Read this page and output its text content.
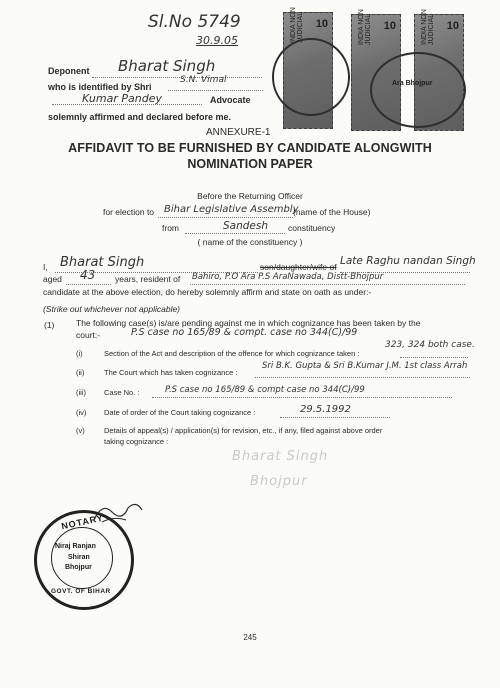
Sl.No 5749
30.9.05
Deponent Bharat Singh
who is identified by Shri
S.N. Vimal
Kumar Pandey	Advocate
solemnly affirmed and declared before me.
10
INDIA NON JUDICIAL	10
INDIA NON JUDICIAL	10
INDIA NON JUDICIAL
Ara Bhojpur
ANNEXURE-1
AFFIDAVIT TO BE FURNISHED BY CANDIDATE ALONGWITH
NOMINATION PAPER
Before the Returning Officer
for election to Bihar Legislative Assembly
(name of the House)
from	Sandesh constituency
( name of the constituency )
I, Bharat Singh	son/daughter/wife of Late Raghu nandan Singh
aged 43 years, resident of Bahiro, P.O Ara P.S AraNawada, Distt-Bhojpur
candidate at the above election, do hereby solemnly affirm and state on oath as under:-
(Strike out whichever not applicable)
(1)	The following case(s) is/are pending against me in which cognizance has been taken by the
court:-	P.S case no 165/89 & compt. case no 344(C)/99
(i)	Section of the Act and description of the offence for which cognizance taken :
323, 324 both case.
(ii)	The Court which has taken cognizance :
Sri B.K. Gupta & Sri B.Kumar J.M. 1st class Arrah
(iii) Case No. :	P.S case no 165/89 & compt case no 344(C)/99
(iv) Date of order of the Court taking cognizance :	29.5.1992
(v)	Details of appeal(s) / application(s) for revision, etc., if any, filed against above order
taking cognizance :
Bharat Singh
Bhojpur
NOTARY
Niraj Ranjan
Shiran
Bhojpur
GOVT. OF BIHAR
245
